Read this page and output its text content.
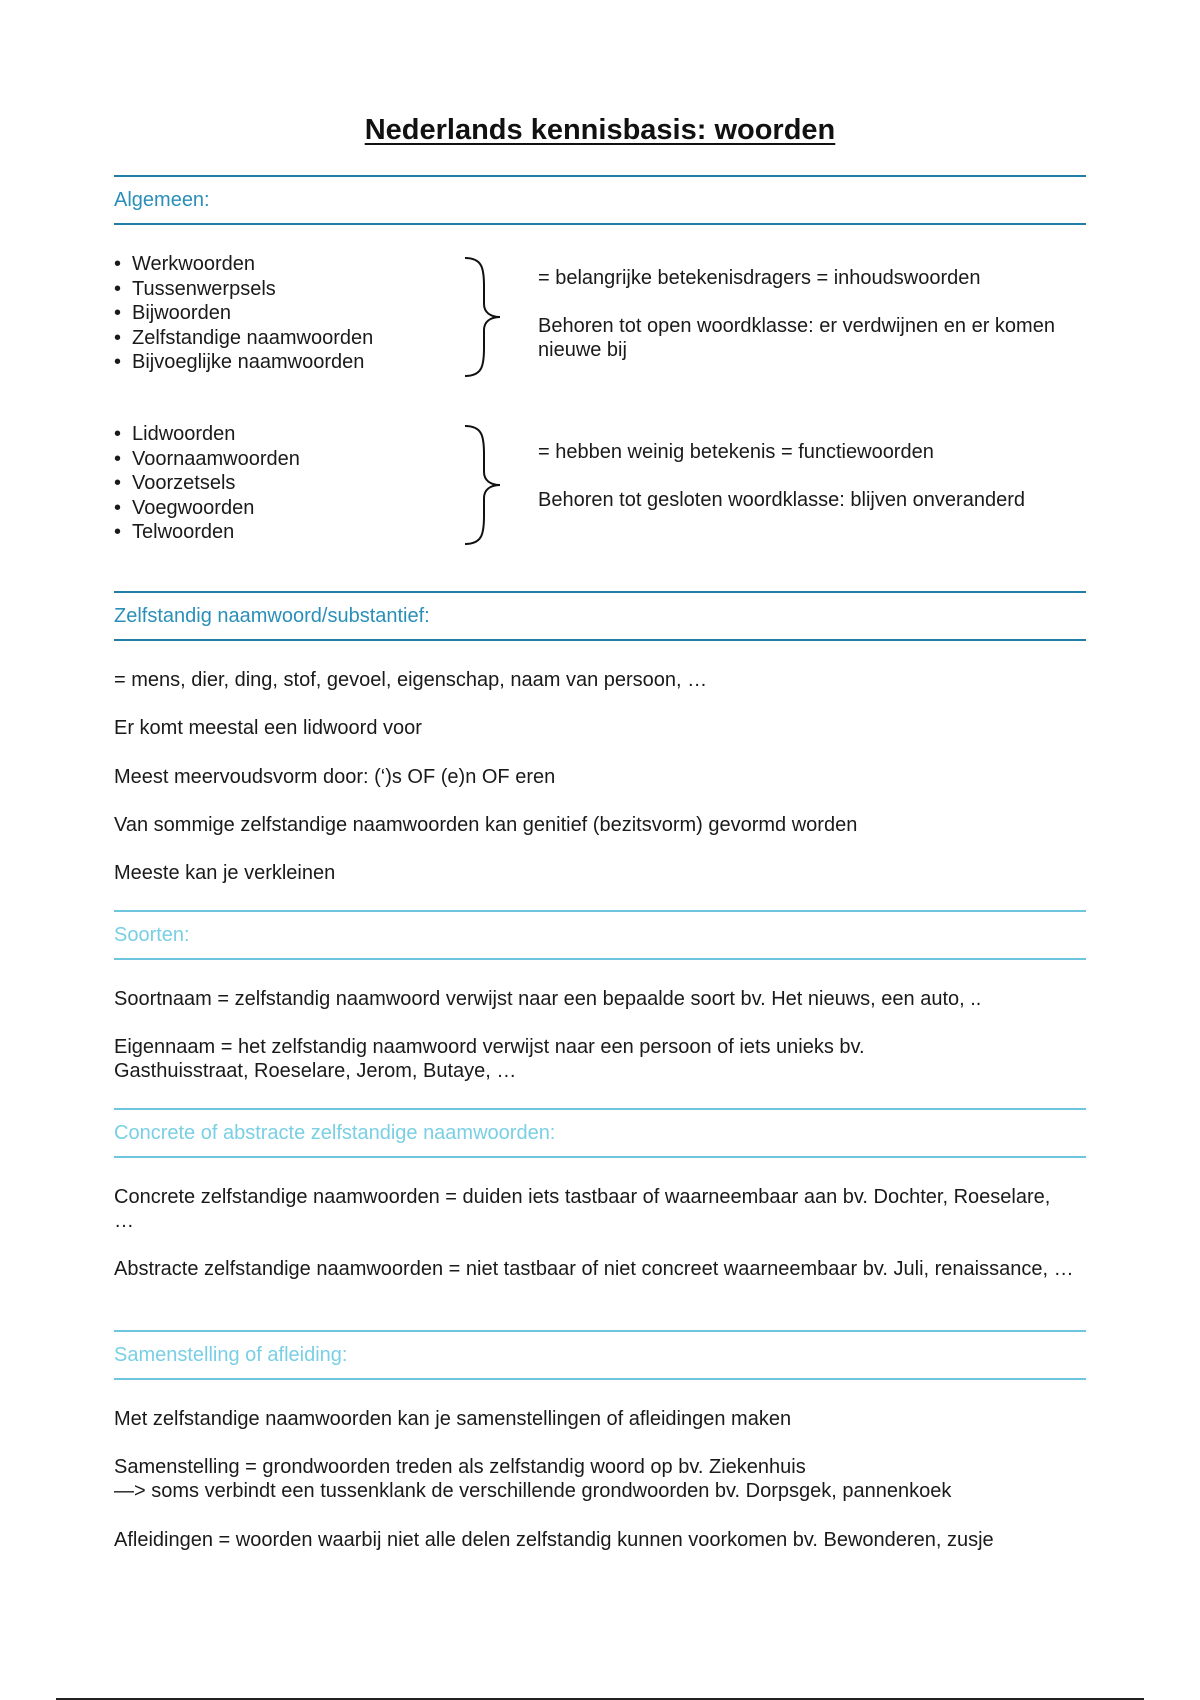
Nederlands kennisbasis: woorden
Algemeen:
• Werkwoorden
• Tussenwerpsels
• Bijwoorden
• Zelfstandige naamwoorden
• Bijvoeglijke naamwoorden
= belangrijke betekenisdragers = inhoudswoorden
Behoren tot open woordklasse: er verdwijnen en er komen nieuwe bij
• Lidwoorden
• Voornaamwoorden
• Voorzetsels
• Voegwoorden
• Telwoorden
= hebben weinig betekenis = functiewoorden
Behoren tot gesloten woordklasse: blijven onveranderd
Zelfstandig naamwoord/substantief:
= mens, dier, ding, stof, gevoel, eigenschap, naam van persoon, …
Er komt meestal een lidwoord voor
Meest meervoudsvorm door: (‘)s OF (e)n OF eren
Van sommige zelfstandige naamwoorden kan genitief (bezitsvorm) gevormd worden
Meeste kan je verkleinen
Soorten:
Soortnaam = zelfstandig naamwoord verwijst naar een bepaalde soort bv. Het nieuws, een auto, ..
Eigennaam = het zelfstandig naamwoord verwijst naar een persoon of iets unieks bv. Gasthuisstraat, Roeselare, Jerom, Butaye, …
Concrete of abstracte zelfstandige naamwoorden:
Concrete zelfstandige naamwoorden = duiden iets tastbaar of waarneembaar aan bv. Dochter, Roeselare, …
Abstracte zelfstandige naamwoorden = niet tastbaar of niet concreet waarneembaar bv. Juli, renaissance, …
Samenstelling of afleiding:
Met zelfstandige naamwoorden kan je samenstellingen of afleidingen maken
Samenstelling = grondwoorden treden als zelfstandig woord op bv. Ziekenhuis
—> soms verbindt een tussenklank de verschillende grondwoorden bv. Dorpsgek, pannenkoek
Afleidingen = woorden waarbij niet alle delen zelfstandig kunnen voorkomen bv. Bewonderen, zusje
